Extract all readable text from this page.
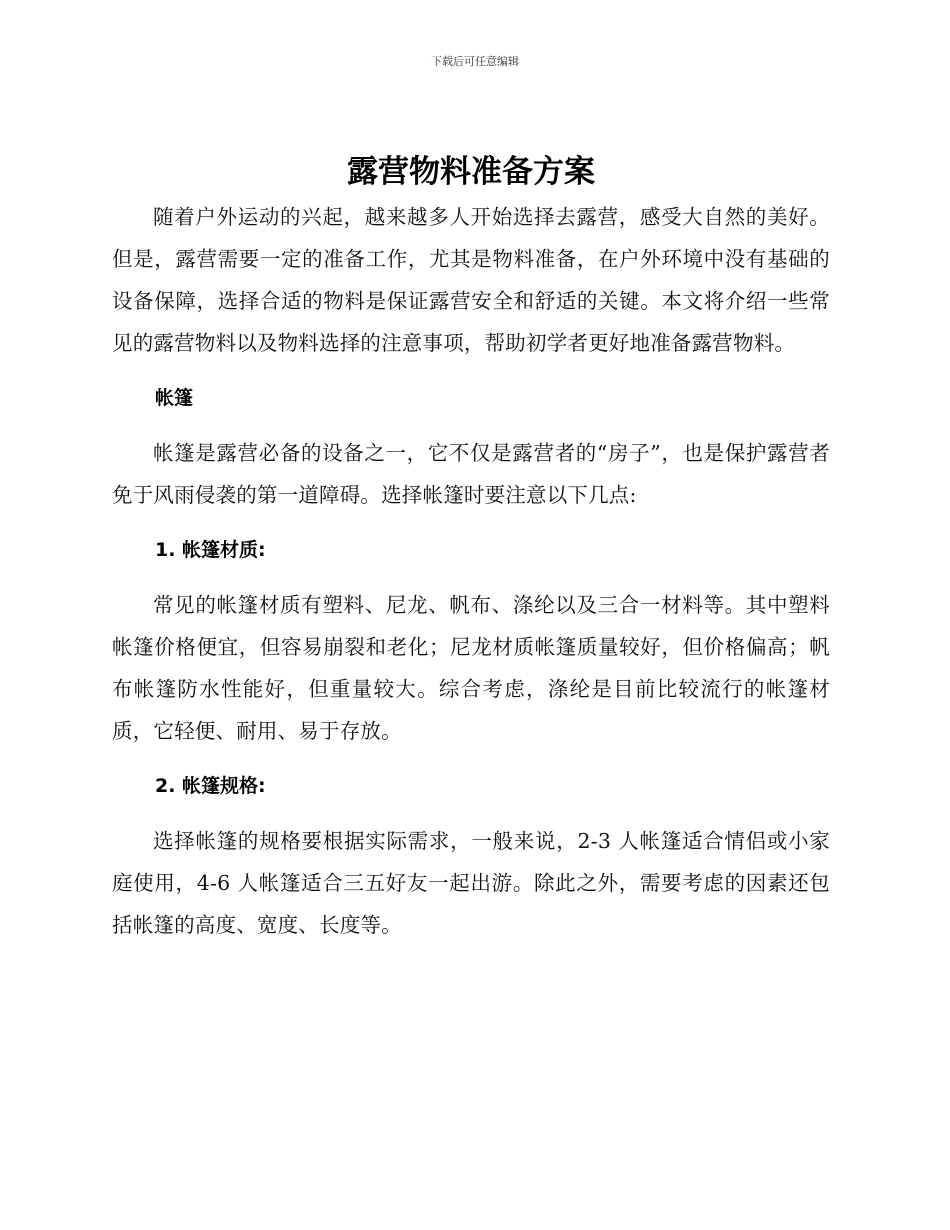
下载后可任意编辑
露营物料准备方案

随着户外运动的兴起，越来越多人开始选择去露营，感受大自然的美好。但是，露营需要一定的准备工作，尤其是物料准备，在户外环境中没有基础的设备保障，选择合适的物料是保证露营安全和舒适的关键。本文将介绍一些常见的露营物料以及物料选择的注意事项，帮助初学者更好地准备露营物料。

帐篷

帐篷是露营必备的设备之一，它不仅是露营者的“房子”，也是保护露营者免于风雨侵袭的第一道障碍。选择帐篷时要注意以下几点:

1. 帐篷材质:

常见的帐篷材质有塑料、尼龙、帆布、涤纶以及三合一材料等。其中塑料帐篷价格便宜，但容易崩裂和老化；尼龙材质帐篷质量较好，但价格偏高；帆布帐篷防水性能好，但重量较大。综合考虑，涤纶是目前比较流行的帐篷材质，它轻便、耐用、易于存放。

2. 帐篷规格:

选择帐篷的规格要根据实际需求，一般来说，2-3 人帐篷适合情侣或小家庭使用，4-6 人帐篷适合三五好友一起出游。除此之外，需要考虑的因素还包括帐篷的高度、宽度、长度等。
